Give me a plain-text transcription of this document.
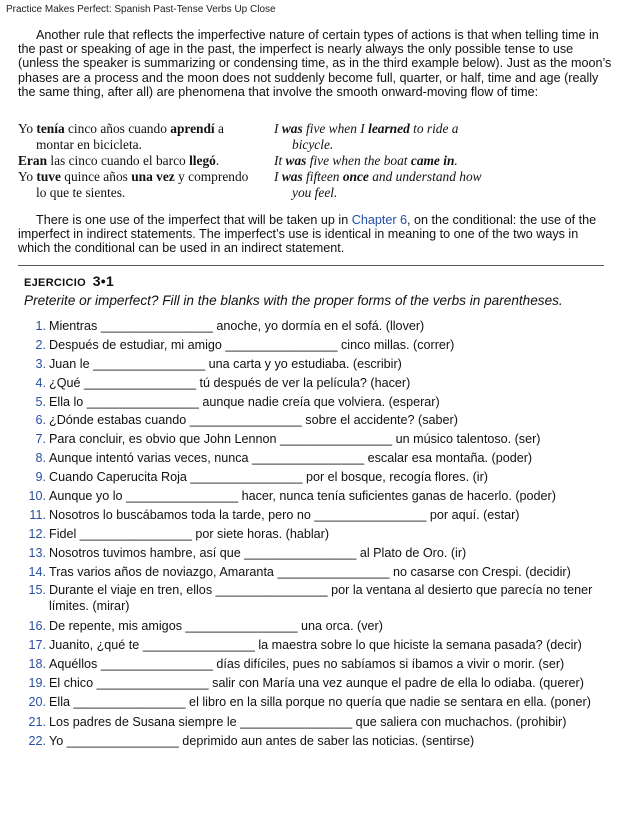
Practice Makes Perfect: Spanish Past-Tense Verbs Up Close
Another rule that reflects the imperfective nature of certain types of actions is that when telling time in the past or speaking of age in the past, the imperfect is nearly always the only possible tense to use (unless the speaker is summarizing or condensing time, as in the third example below). Just as the moon’s phases are a process and the moon does not suddenly become full, quarter, or half, time and age (really the same thing, after all) are phenomena that involve the smooth onward-moving flow of time:
Yo tenía cinco años cuando aprendí a
montar en bicicleta.
I was five when I learned to ride a
bicycle.
Eran las cinco cuando el barco llegó.	It was five when the boat came in.
Yo tuve quince años una vez y comprendo
lo que te sientes.
I was fifteen once and understand how
you feel.
There is one use of the imperfect that will be taken up in Chapter 6, on the conditional: the use of the imperfect in indirect statements. The imperfect’s use is identical in meaning to one of the two ways in which the conditional can be used in an indirect statement.
EJERCICIO 3•1
Preterite or imperfect? Fill in the blanks with the proper forms of the verbs in parentheses.
1. Mientras ________________ anoche, yo dormía en el sofá. (llover)
2. Después de estudiar, mi amigo ________________ cinco millas. (correr)
3. Juan le ________________ una carta y yo estudiaba. (escribir)
4. ¿Qué ________________ tú después de ver la película? (hacer)
5. Ella lo ________________ aunque nadie creía que volviera. (esperar)
6. ¿Dónde estabas cuando ________________ sobre el accidente? (saber)
7. Para concluir, es obvio que John Lennon ________________ un músico talentoso. (ser)
8. Aunque intentó varias veces, nunca ________________ escalar esa montaña. (poder)
9. Cuando Caperucita Roja ________________ por el bosque, recogía flores. (ir)
10. Aunque yo lo ________________ hacer, nunca tenía suficientes ganas de hacerlo. (poder)
11. Nosotros lo buscábamos toda la tarde, pero no ________________ por aquí. (estar)
12. Fidel ________________ por siete horas. (hablar)
13. Nosotros tuvimos hambre, así que ________________ al Plato de Oro. (ir)
14. Tras varios años de noviazgo, Amaranta ________________ no casarse con Crespi. (decidir)
15. Durante el viaje en tren, ellos ________________ por la ventana al desierto que parecía no tener límites. (mirar)
16. De repente, mis amigos ________________ una orca. (ver)
17. Juanito, ¿qué te ________________ la maestra sobre lo que hiciste la semana pasada? (decir)
18. Aquéllos ________________ días difíciles, pues no sabíamos si íbamos a vivir o morir. (ser)
19. El chico ________________ salir con María una vez aunque el padre de ella lo odiaba. (querer)
20. Ella ________________ el libro en la silla porque no quería que nadie se sentara en ella. (poner)
21. Los padres de Susana siempre le ________________ que saliera con muchachos. (prohibir)
22. Yo ________________ deprimido aun antes de saber las noticias. (sentirse)
